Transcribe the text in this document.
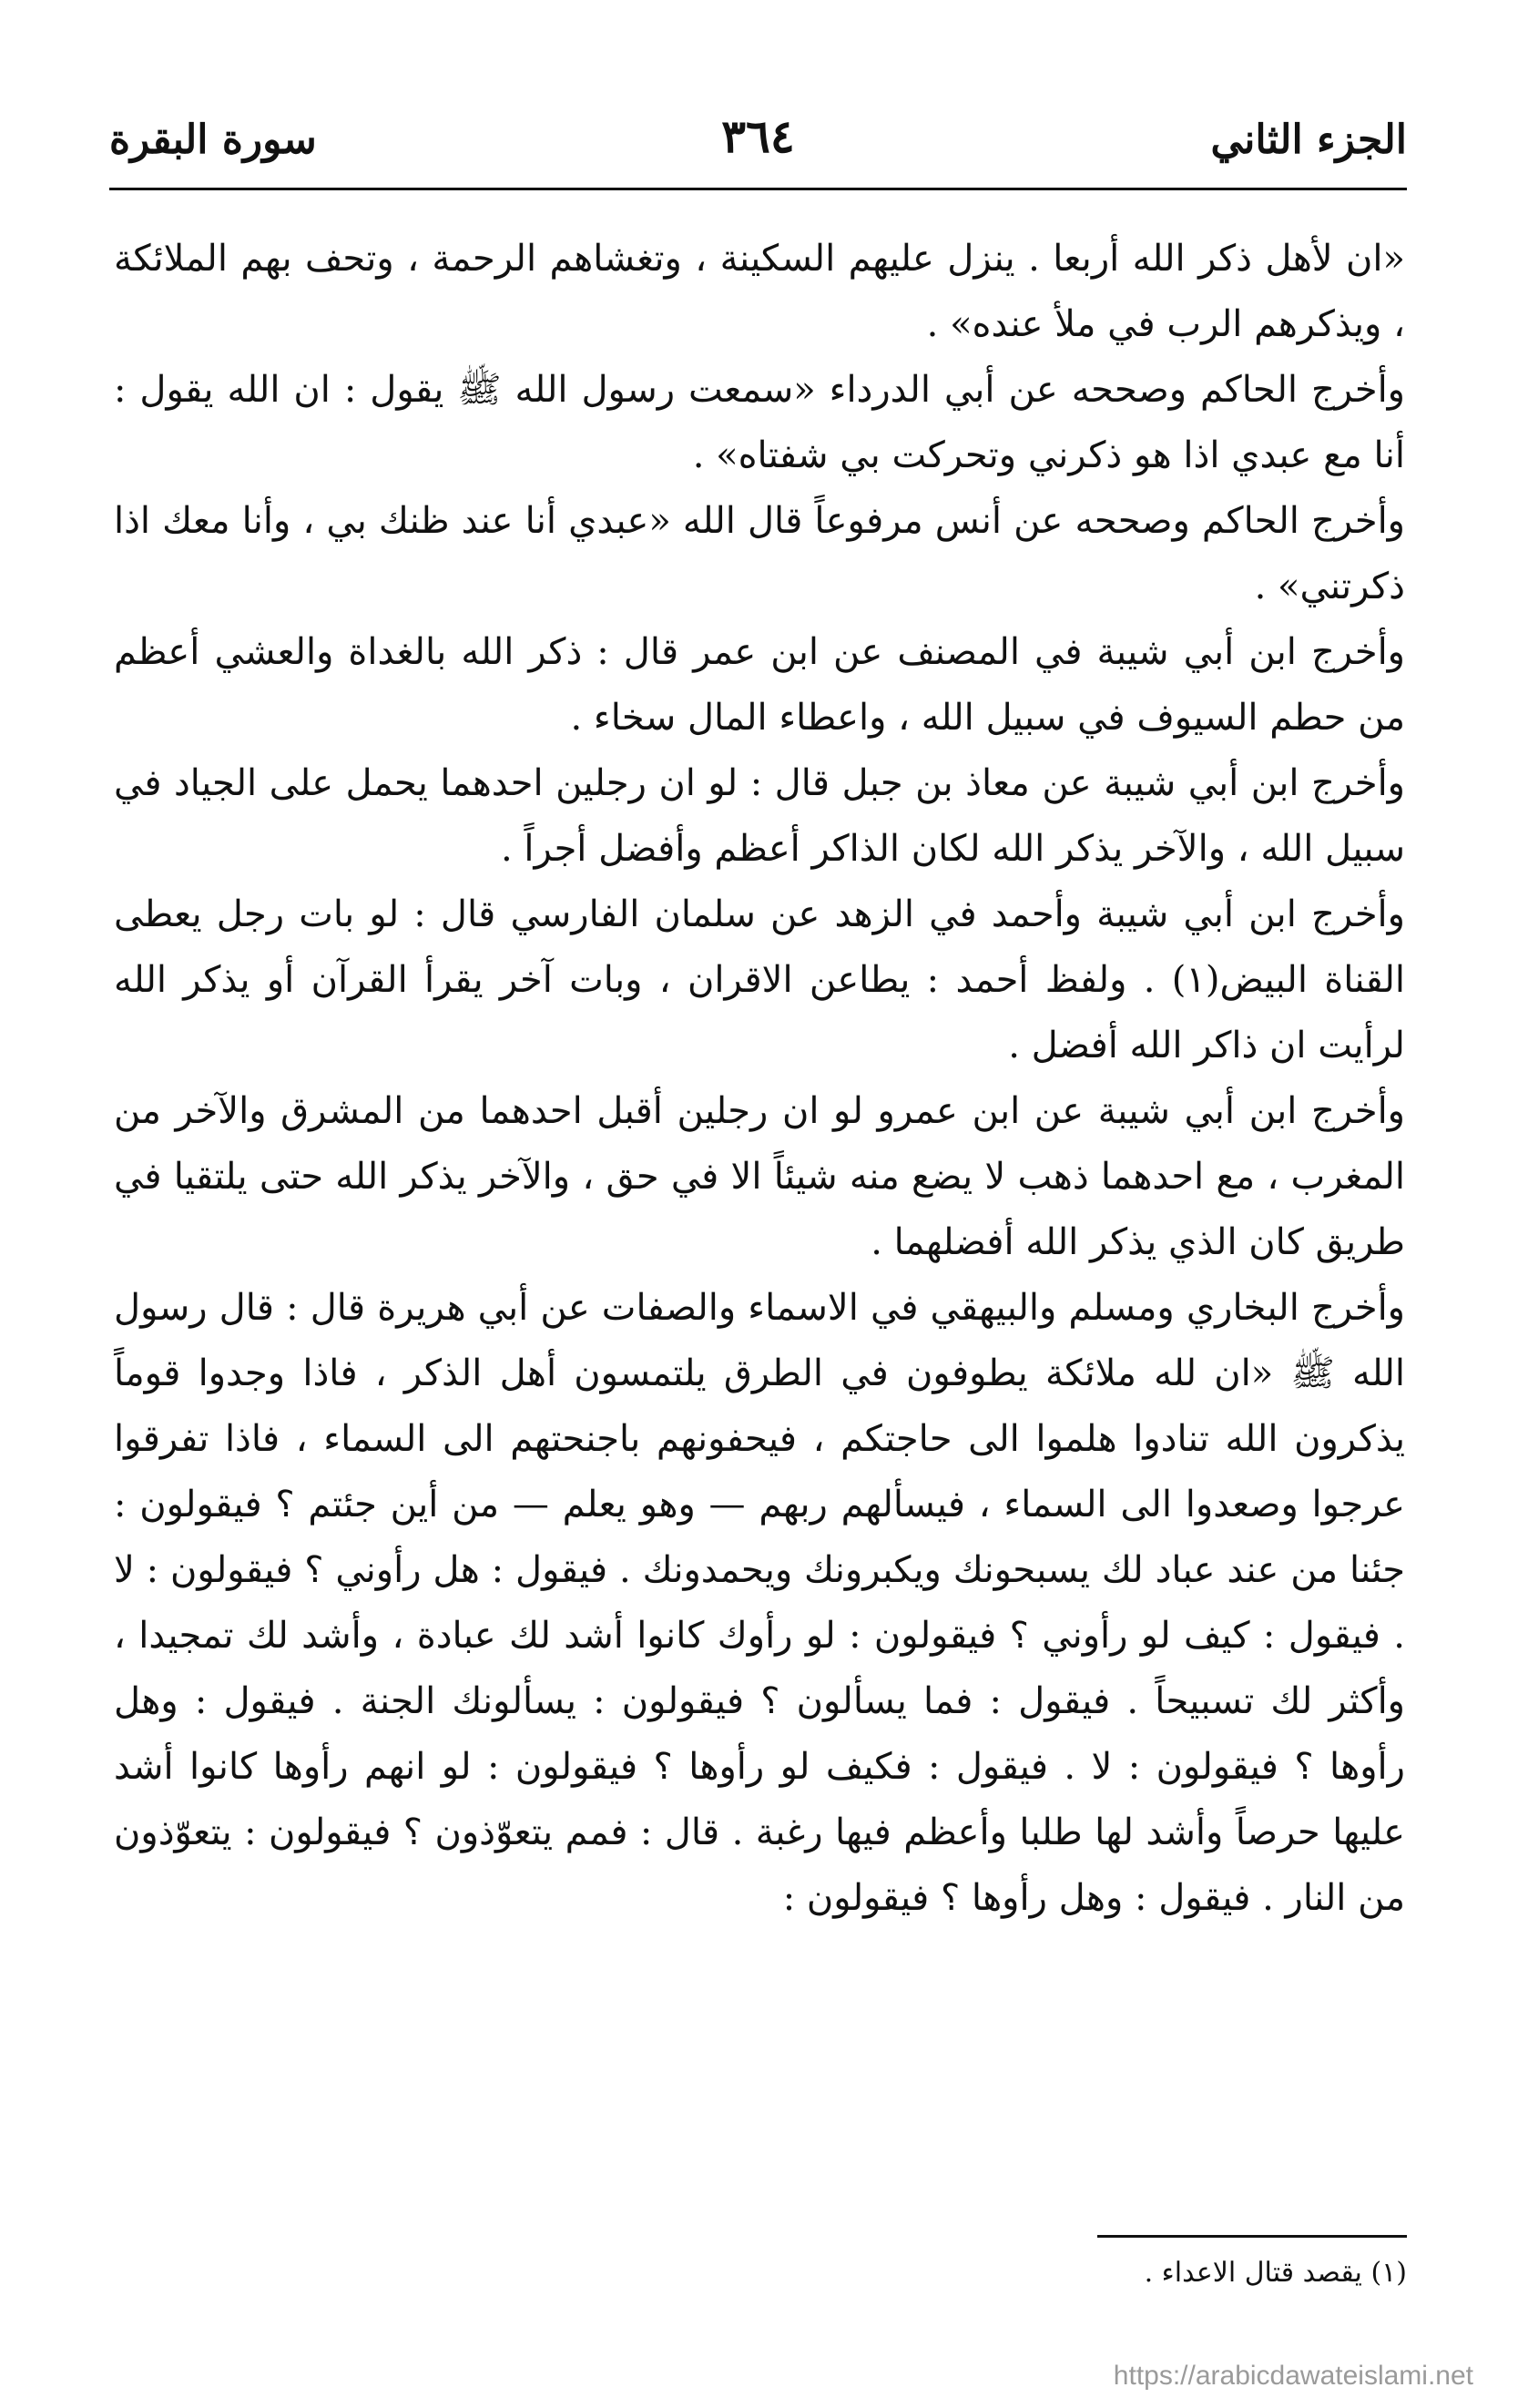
الجزء الثاني
٣٦٤
سورة البقرة

«ان لأهل ذكر الله أربعا . ينزل عليهم السكينة ، وتغشاهم الرحمة ، وتحف بهم الملائكة ، ويذكرهم الرب في ملأ عنده» .

وأخرج الحاكم وصححه عن أبي الدرداء «سمعت رسول الله ﷺ يقول : ان الله يقول : أنا مع عبدي اذا هو ذكرني وتحركت بي شفتاه» .

وأخرج الحاكم وصححه عن أنس مرفوعاً قال الله «عبدي أنا عند ظنك بي ، وأنا معك اذا ذكرتني» .

وأخرج ابن أبي شيبة في المصنف عن ابن عمر قال : ذكر الله بالغداة والعشي أعظم من حطم السيوف في سبيل الله ، واعطاء المال سخاء .

وأخرج ابن أبي شيبة عن معاذ بن جبل قال : لو ان رجلين احدهما يحمل على الجياد في سبيل الله ، والآخر يذكر الله لكان الذاكر أعظم وأفضل أجراً .

وأخرج ابن أبي شيبة وأحمد في الزهد عن سلمان الفارسي قال : لو بات رجل يعطى القناة البيض(١) . ولفظ أحمد : يطاعن الاقران ، وبات آخر يقرأ القرآن أو يذكر الله لرأيت ان ذاكر الله أفضل .

وأخرج ابن أبي شيبة عن ابن عمرو لو ان رجلين أقبل احدهما من المشرق والآخر من المغرب ، مع احدهما ذهب لا يضع منه شيئاً الا في حق ، والآخر يذكر الله حتى يلتقيا في طريق كان الذي يذكر الله أفضلهما .

وأخرج البخاري ومسلم والبيهقي في الاسماء والصفات عن أبي هريرة قال : قال رسول الله ﷺ «ان لله ملائكة يطوفون في الطرق يلتمسون أهل الذكر ، فاذا وجدوا قوماً يذكرون الله تنادوا هلموا الى حاجتكم ، فيحفونهم باجنحتهم الى السماء ، فاذا تفرقوا عرجوا وصعدوا الى السماء ، فيسألهم ربهم — وهو يعلم — من أين جئتم ؟ فيقولون : جئنا من عند عباد لك يسبحونك ويكبرونك ويحمدونك . فيقول : هل رأوني ؟ فيقولون : لا . فيقول : كيف لو رأوني ؟ فيقولون : لو رأوك كانوا أشد لك عبادة ، وأشد لك تمجيدا ، وأكثر لك تسبيحاً . فيقول : فما يسألون ؟ فيقولون : يسألونك الجنة . فيقول : وهل رأوها ؟ فيقولون : لا . فيقول : فكيف لو رأوها ؟ فيقولون : لو انهم رأوها كانوا أشد عليها حرصاً وأشد لها طلبا وأعظم فيها رغبة . قال : فمم يتعوّذون ؟ فيقولون : يتعوّذون من النار . فيقول : وهل رأوها ؟ فيقولون :

(١) يقصد قتال الاعداء .
https://arabicdawateislami.net
